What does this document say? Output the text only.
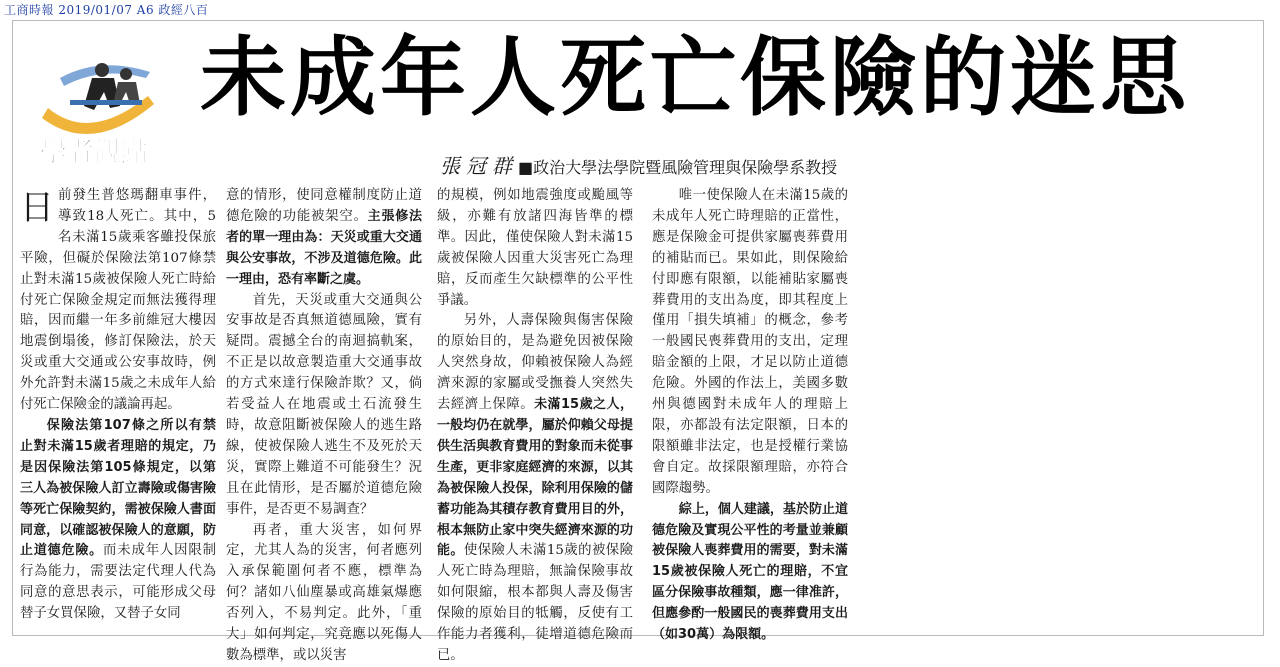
工商時報 2019/01/07 A6 政經八百
學者觀點
未成年人死亡保險的迷思
張冠群■政治大學法學院暨風險管理與保險學系教授

日前發生普悠瑪翻車事件，導致18人死亡。其中，5名未滿15歲乘客雖投保旅平險，但礙於保險法第107條禁止對未滿15歲被保險人死亡時給付死亡保險金規定而無法獲得理賠，因而繼一年多前維冠大樓因地震倒塌後，修訂保險法，於天災或重大交通或公安事故時，例外允許對未滿15歲之未成年人給付死亡保險金的議論再起。

保險法第107條之所以有禁止對未滿15歲者理賠的規定，乃是因保險法第105條規定，以第三人為被保險人訂立壽險或傷害險等死亡保險契約，需被保險人書面同意，以確認被保險人的意願，防止道德危險。而未成年人因限制行為能力，需要法定代理人代為同意的意思表示，可能形成父母替子女買保險，又替子女同

意的情形，使同意權制度防止道德危險的功能被架空。主張修法者的單一理由為：天災或重大交通與公安事故，不涉及道德危險。此一理由，恐有率斷之虞。

首先，天災或重大交通與公安事故是否真無道德風險，實有疑問。震撼全台的南迴搞軌案，不正是以故意製造重大交通事故的方式來達行保險詐欺？又，倘若受益人在地震或土石流發生時，故意阻斷被保險人的逃生路線，使被保險人逃生不及死於天災，實際上難道不可能發生？況且在此情形，是否屬於道德危險事件，是否更不易調查？

再者，重大災害，如何界定，尤其人為的災害，何者應列入承保範圍何者不應，標準為何？諸如八仙塵暴或高雄氣爆應否列入，不易判定。此外，「重大」如何判定，究竟應以死傷人數為標準，或以災害

的規模，例如地震強度或颱風等級，亦難有放諸四海皆準的標準。因此，僅使保險人對未滿15歲被保險人因重大災害死亡為理賠，反而產生欠缺標準的公平性爭議。

另外，人壽保險與傷害保險的原始目的，是為避免因被保險人突然身故，仰賴被保險人為經濟來源的家屬或受撫養人突然失去經濟上保障。未滿15歲之人，一般均仍在就學，屬於仰賴父母提供生活與教育費用的對象而未從事生產，更非家庭經濟的來源，以其為被保險人投保，除利用保險的儲蓄功能為其積存教育費用目的外，根本無防止家中突失經濟來源的功能。使保險人未滿15歲的被保險人死亡時為理賠，無論保險事故如何限縮，根本都與人壽及傷害保險的原始目的牴觸，反使有工作能力者獲利，徒增道德危險而已。

唯一使保險人在未滿15歲的未成年人死亡時理賠的正當性，應是保險金可提供家屬喪葬費用的補貼而已。果如此，則保險給付即應有限額，以能補貼家屬喪葬費用的支出為度，即其程度上僅用「損失填補」的概念，參考一般國民喪葬費用的支出，定理賠金額的上限，才足以防止道德危險。外國的作法上，美國多數州與德國對未成年人的理賠上限，亦都設有法定限額，日本的限額雖非法定，也是授權行業協會自定。故採限額理賠，亦符合國際趨勢。

綜上，個人建議，基於防止道德危險及實現公平性的考量並兼顧被保險人喪葬費用的需要，對未滿15歲被保險人死亡的理賠，不宜區分保險事故種類，應一律准許，但應參酌一般國民的喪葬費用支出（如30萬）為限額。
